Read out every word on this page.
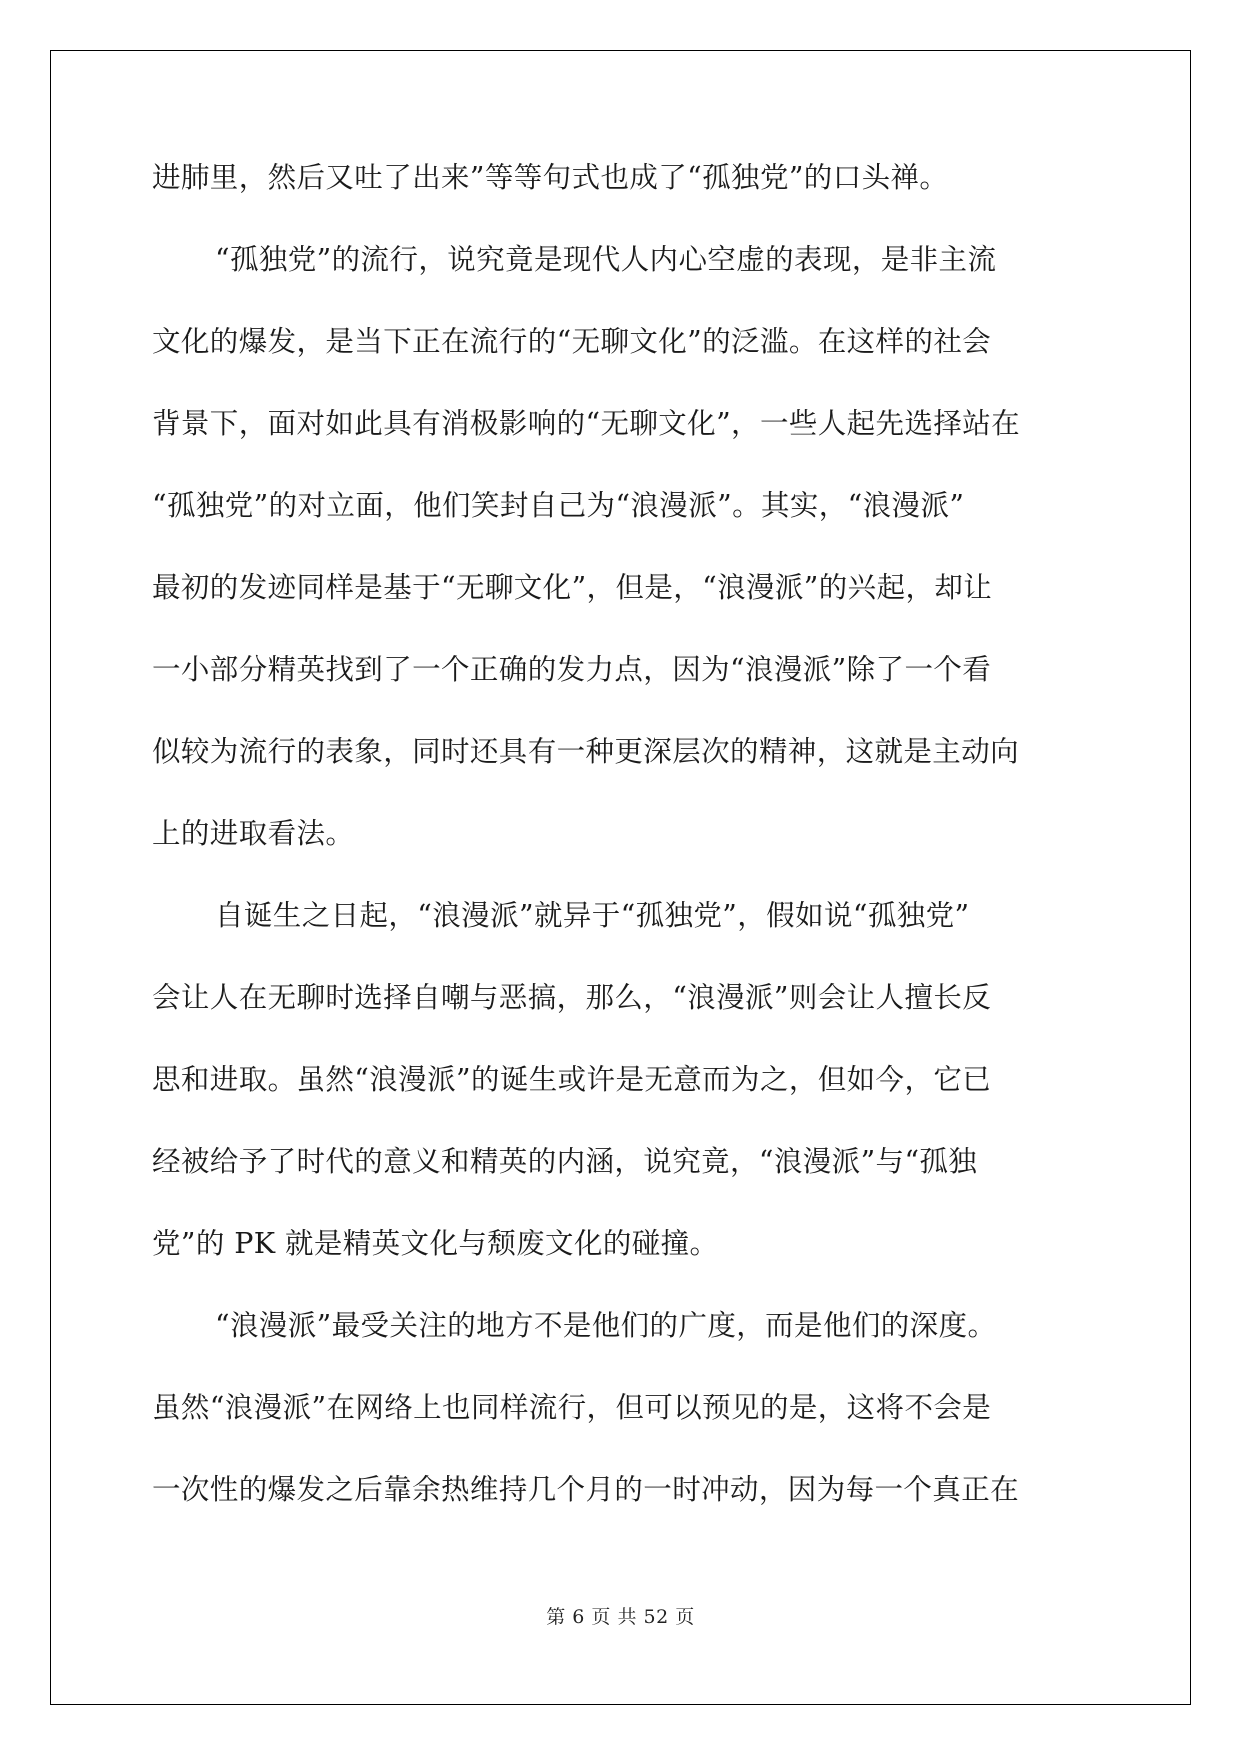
进肺里，然后又吐了出来”等等句式也成了“孤独党”的口头禅。
“孤独党”的流行，说究竟是现代人内心空虚的表现，是非主流
文化的爆发，是当下正在流行的“无聊文化”的泛滥。在这样的社会
背景下，面对如此具有消极影响的“无聊文化”，一些人起先选择站在
“孤独党”的对立面，他们笑封自己为“浪漫派”。其实，“浪漫派”
最初的发迹同样是基于“无聊文化”，但是，“浪漫派”的兴起，却让
一小部分精英找到了一个正确的发力点，因为“浪漫派”除了一个看
似较为流行的表象，同时还具有一种更深层次的精神，这就是主动向
上的进取看法。
自诞生之日起，“浪漫派”就异于“孤独党”，假如说“孤独党”
会让人在无聊时选择自嘲与恶搞，那么，“浪漫派”则会让人擅长反
思和进取。虽然“浪漫派”的诞生或许是无意而为之，但如今，它已
经被给予了时代的意义和精英的内涵，说究竟，“浪漫派”与“孤独
党”的 PK 就是精英文化与颓废文化的碰撞。
“浪漫派”最受关注的地方不是他们的广度，而是他们的深度。
虽然“浪漫派”在网络上也同样流行，但可以预见的是，这将不会是
一次性的爆发之后靠余热维持几个月的一时冲动，因为每一个真正在
第 6 页 共 52 页
